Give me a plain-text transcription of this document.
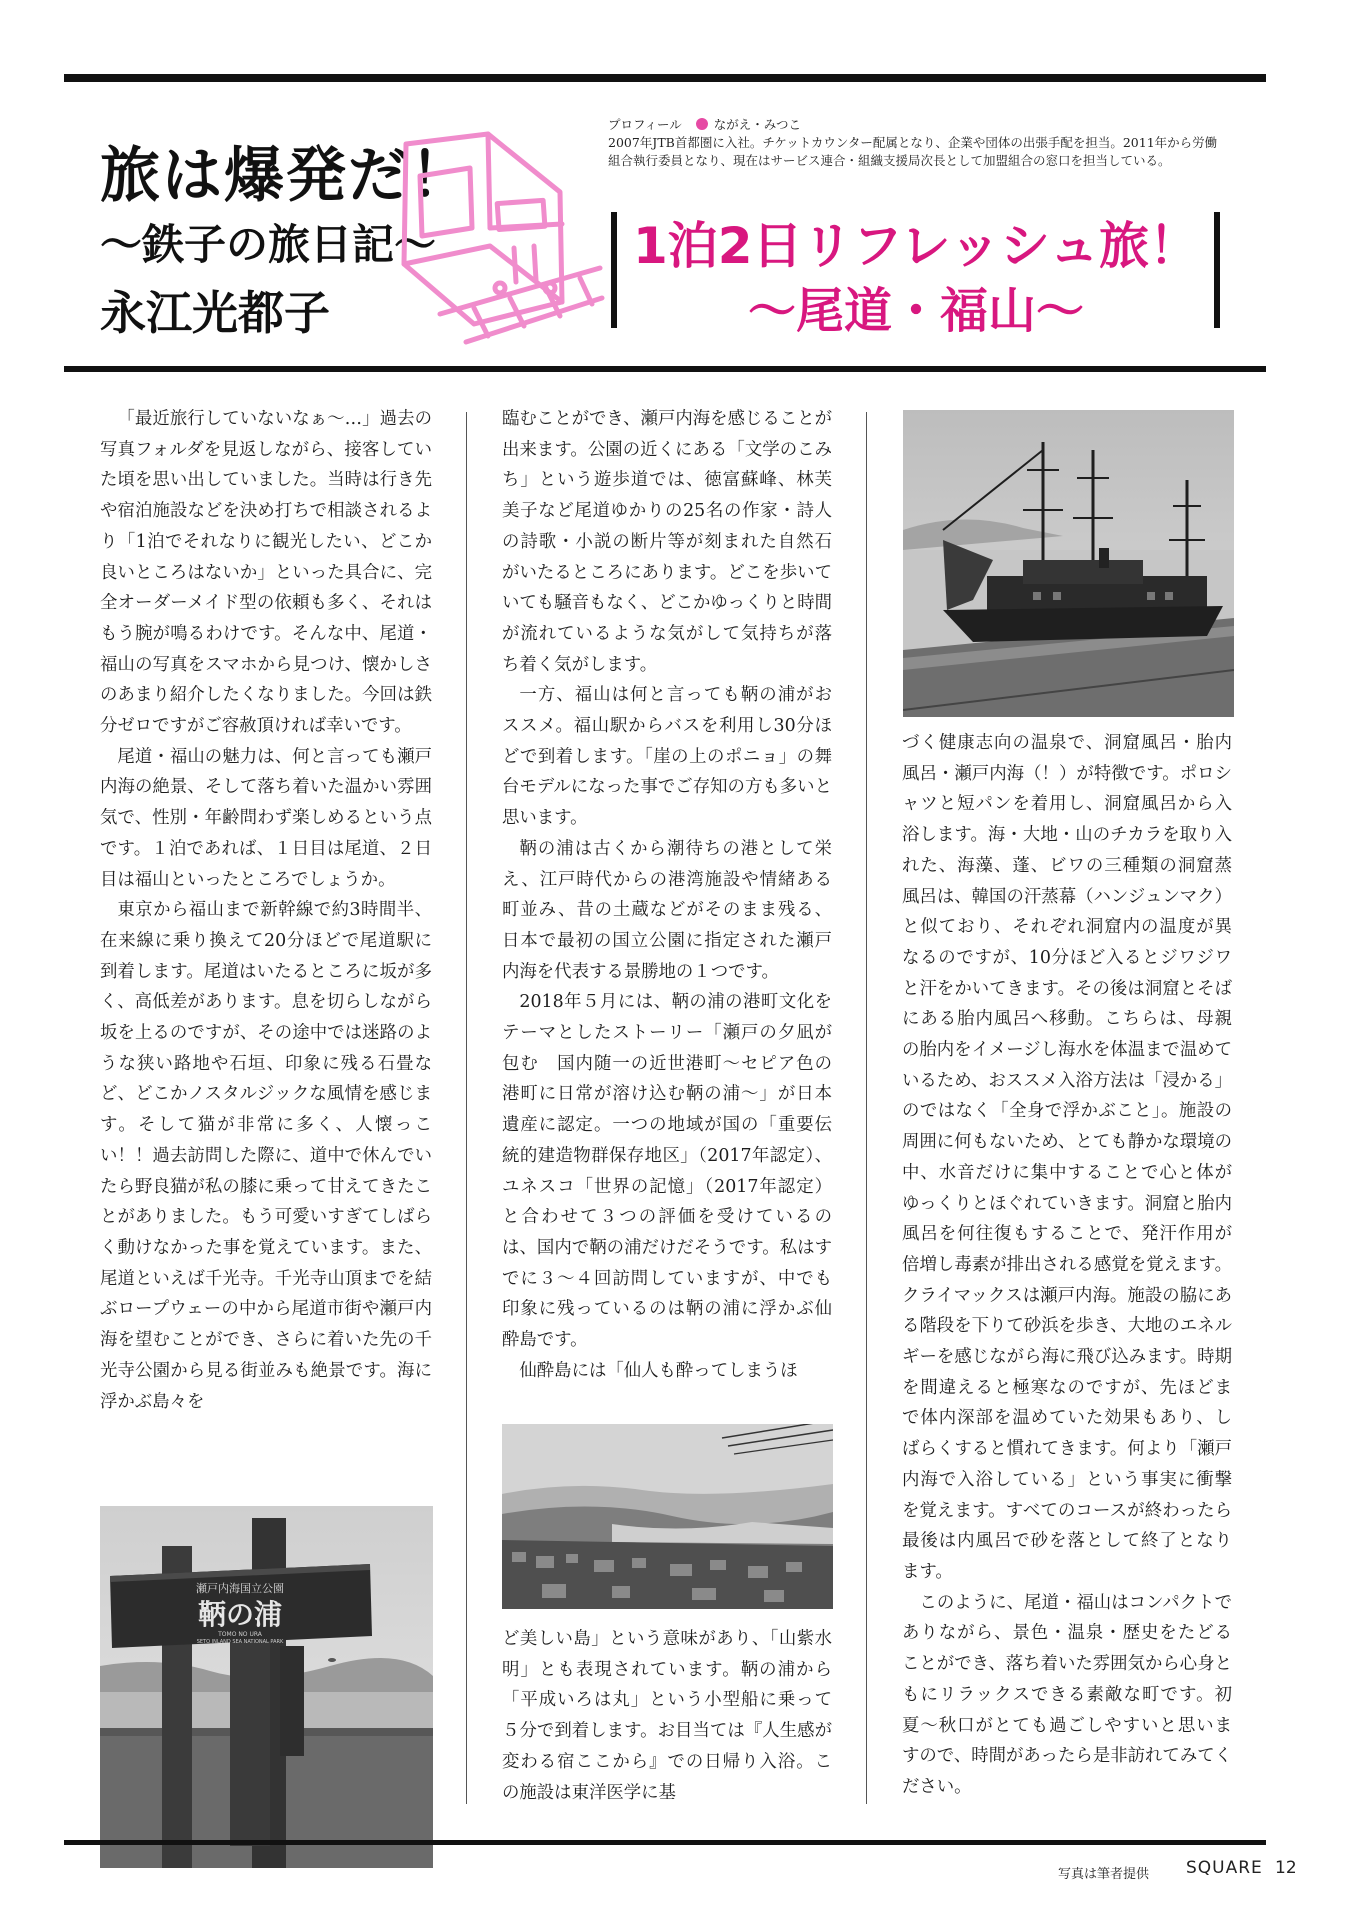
旅は爆発だ！
〜鉄子の旅日記〜
永江光都子
プロフィール	ながえ・みつこ
2007年JTB首都圏に入社。チケットカウンター配属となり、企業や団体の出張手配を担当。2011年から労働組合執行委員となり、現在はサービス連合・組織支援局次長として加盟組合の窓口を担当している。
1泊2日リフレッシュ旅！
〜尾道・福山〜

「最近旅行していないなぁ〜…」過去の写真フォルダを見返しながら、接客していた頃を思い出していました。当時は行き先や宿泊施設などを決め打ちで相談されるより「1泊でそれなりに観光したい、どこか良いところはないか」といった具合に、完全オーダーメイド型の依頼も多く、それはもう腕が鳴るわけです。そんな中、尾道・福山の写真をスマホから見つけ、懐かしさのあまり紹介したくなりました。今回は鉄分ゼロですがご容赦頂ければ幸いです。

尾道・福山の魅力は、何と言っても瀬戸内海の絶景、そして落ち着いた温かい雰囲気で、性別・年齢問わず楽しめるという点です。１泊であれば、１日目は尾道、２日目は福山といったところでしょうか。

東京から福山まで新幹線で約3時間半、在来線に乗り換えて20分ほどで尾道駅に到着します。尾道はいたるところに坂が多く、高低差があります。息を切らしながら坂を上るのですが、その途中では迷路のような狭い路地や石垣、印象に残る石畳など、どこかノスタルジックな風情を感じます。そして猫が非常に多く、人懐っこい！！過去訪問した際に、道中で休んでいたら野良猫が私の膝に乗って甘えてきたことがありました。もう可愛いすぎてしばらく動けなかった事を覚えています。また、尾道といえば千光寺。千光寺山頂までを結ぶロープウェーの中から尾道市街や瀬戸内海を望むことができ、さらに着いた先の千光寺公園から見る街並みも絶景です。海に浮かぶ島々を

瀬戸内海国立公園
鞆の浦
TOMO NO URA
SETO INLAND SEA NATIONAL PARK

臨むことができ、瀬戸内海を感じることが出来ます。公園の近くにある「文学のこみち」という遊歩道では、徳富蘇峰、林芙美子など尾道ゆかりの25名の作家・詩人の詩歌・小説の断片等が刻まれた自然石がいたるところにあります。どこを歩いていても騒音もなく、どこかゆっくりと時間が流れているような気がして気持ちが落ち着く気がします。

一方、福山は何と言っても鞆の浦がおススメ。福山駅からバスを利用し30分ほどで到着します。「崖の上のポニョ」の舞台モデルになった事でご存知の方も多いと思います。

鞆の浦は古くから潮待ちの港として栄え、江戸時代からの港湾施設や情緒ある町並み、昔の土蔵などがそのまま残る、日本で最初の国立公園に指定された瀬戸内海を代表する景勝地の１つです。

2018年５月には、鞆の浦の港町文化をテーマとしたストーリー「瀬戸の夕凪が包む　国内随一の近世港町〜セピア色の港町に日常が溶け込む鞆の浦〜」が日本遺産に認定。一つの地域が国の「重要伝統的建造物群保存地区」（2017年認定）、ユネスコ「世界の記憶」（2017年認定）と合わせて３つの評価を受けているのは、国内で鞆の浦だけだそうです。私はすでに３〜４回訪問していますが、中でも印象に残っているのは鞆の浦に浮かぶ仙酔島です。

仙酔島には「仙人も酔ってしまうほ

ど美しい島」という意味があり、「山紫水明」とも表現されています。鞆の浦から「平成いろは丸」という小型船に乗って５分で到着します。お目当ては『人生感が変わる宿ここから』での日帰り入浴。この施設は東洋医学に基

づく健康志向の温泉で、洞窟風呂・胎内風呂・瀬戸内海（！）が特徴です。ポロシャツと短パンを着用し、洞窟風呂から入浴します。海・大地・山のチカラを取り入れた、海藻、蓬、ビワの三種類の洞窟蒸風呂は、韓国の汗蒸幕（ハンジュンマク）と似ており、それぞれ洞窟内の温度が異なるのですが、10分ほど入るとジワジワと汗をかいてきます。その後は洞窟とそばにある胎内風呂へ移動。こちらは、母親の胎内をイメージし海水を体温まで温めているため、おススメ入浴方法は「浸かる」のではなく「全身で浮かぶこと」。施設の周囲に何もないため、とても静かな環境の中、水音だけに集中することで心と体がゆっくりとほぐれていきます。洞窟と胎内風呂を何往復もすることで、発汗作用が倍増し毒素が排出される感覚を覚えます。クライマックスは瀬戸内海。施設の脇にある階段を下りて砂浜を歩き、大地のエネルギーを感じながら海に飛び込みます。時期を間違えると極寒なのですが、先ほどまで体内深部を温めていた効果もあり、しばらくすると慣れてきます。何より「瀬戸内海で入浴している」という事実に衝撃を覚えます。すべてのコースが終わったら最後は内風呂で砂を落として終了となります。

このように、尾道・福山はコンパクトでありながら、景色・温泉・歴史をたどることができ、落ち着いた雰囲気から心身ともにリラックスできる素敵な町です。初夏〜秋口がとても過ごしやすいと思いますので、時間があったら是非訪れてみてください。

写真は筆者提供 SQUARE 12
